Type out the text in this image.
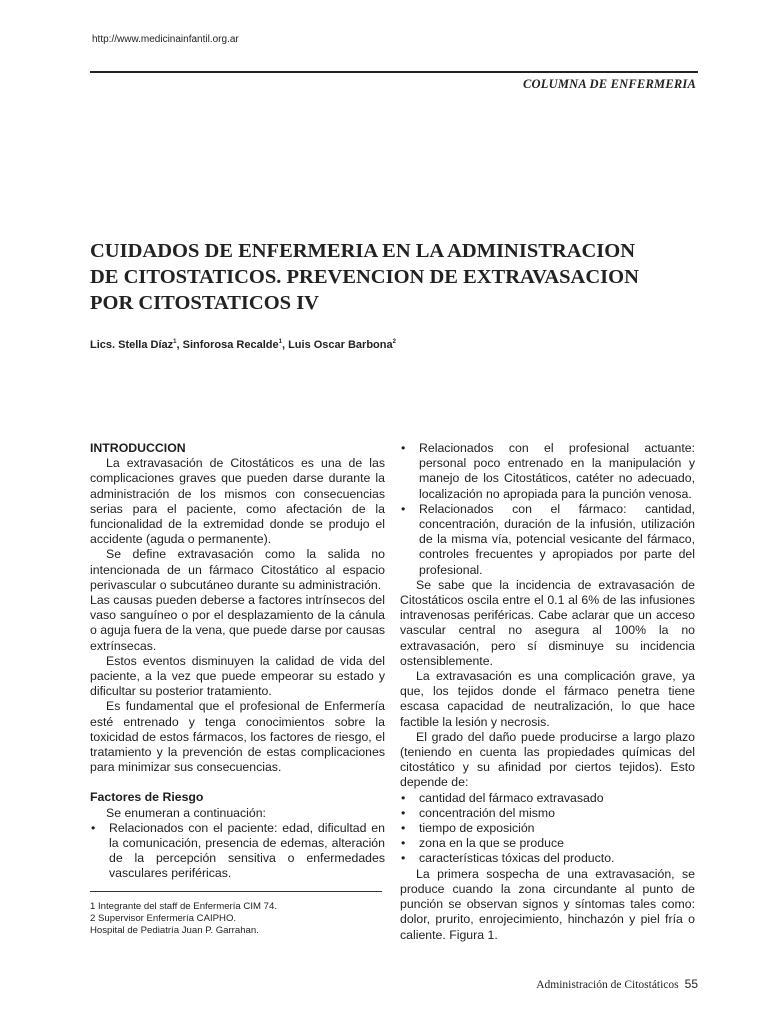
http://www.medicinainfantil.org.ar
COLUMNA DE ENFERMERIA
CUIDADOS DE ENFERMERIA EN LA ADMINISTRACION
DE CITOSTATICOS. PREVENCION DE EXTRAVASACION
POR CITOSTATICOS IV
Lics. Stella Díaz$^1$, Sinforosa Recalde$^1$, Luis Oscar Barbona$^2$
INTRODUCCION

La extravasación de Citostáticos es una de las complicaciones graves que pueden darse durante la administración de los mismos con consecuencias serias para el paciente, como afectación de la funcionalidad de la extremidad donde se produjo el accidente (aguda o permanente).

Se define extravasación como la salida no intencionada de un fármaco Citostático al espacio perivascular o subcutáneo durante su administración.

Las causas pueden deberse a factores intrínsecos del vaso sanguíneo o por el desplazamiento de la cánula o aguja fuera de la vena, que puede darse por causas extrínsecas.

Estos eventos disminuyen la calidad de vida del paciente, a la vez que puede empeorar su estado y dificultar su posterior tratamiento.

Es fundamental que el profesional de Enfermería esté entrenado y tenga conocimientos sobre la toxicidad de estos fármacos, los factores de riesgo, el tratamiento y la prevención de estas complicaciones para minimizar sus consecuencias.

Factores de Riesgo

Se enumeran a continuación:

• Relacionados con el paciente: edad, dificultad en la comunicación, presencia de edemas, alteración de la percepción sensitiva o enfermedades vasculares periféricas.
• Relacionados con el profesional actuante: personal poco entrenado en la manipulación y manejo de los Citostáticos, catéter no adecuado, localización no apropiada para la punción venosa.
• Relacionados con el fármaco: cantidad, concentración, duración de la infusión, utilización de la misma vía, potencial vesicante del fármaco, controles frecuentes y apropiados por parte del profesional.

Se sabe que la incidencia de extravasación de Citostáticos oscila entre el 0.1 al 6% de las infusiones intravenosas periféricas. Cabe aclarar que un acceso vascular central no asegura al 100% la no extravasación, pero sí disminuye su incidencia ostensiblemente.

La extravasación es una complicación grave, ya que, los tejidos donde el fármaco penetra tiene escasa capacidad de neutralización, lo que hace factible la lesión y necrosis.

El grado del daño puede producirse a largo plazo (teniendo en cuenta las propiedades químicas del citostático y su afinidad por ciertos tejidos). Esto depende de:

• cantidad del fármaco extravasado
• concentración del mismo
• tiempo de exposición
• zona en la que se produce
• características tóxicas del producto.

La primera sospecha de una extravasación, se produce cuando la zona circundante al punto de punción se observan signos y síntomas tales como: dolor, prurito, enrojecimiento, hinchazón y piel fría o caliente. Figura 1.

1 Integrante del staff de Enfermería CIM 74.
2 Supervisor Enfermería CAIPHO.
Hospital de Pediatría Juan P. Garrahan.
Administración de Citostáticos 55
